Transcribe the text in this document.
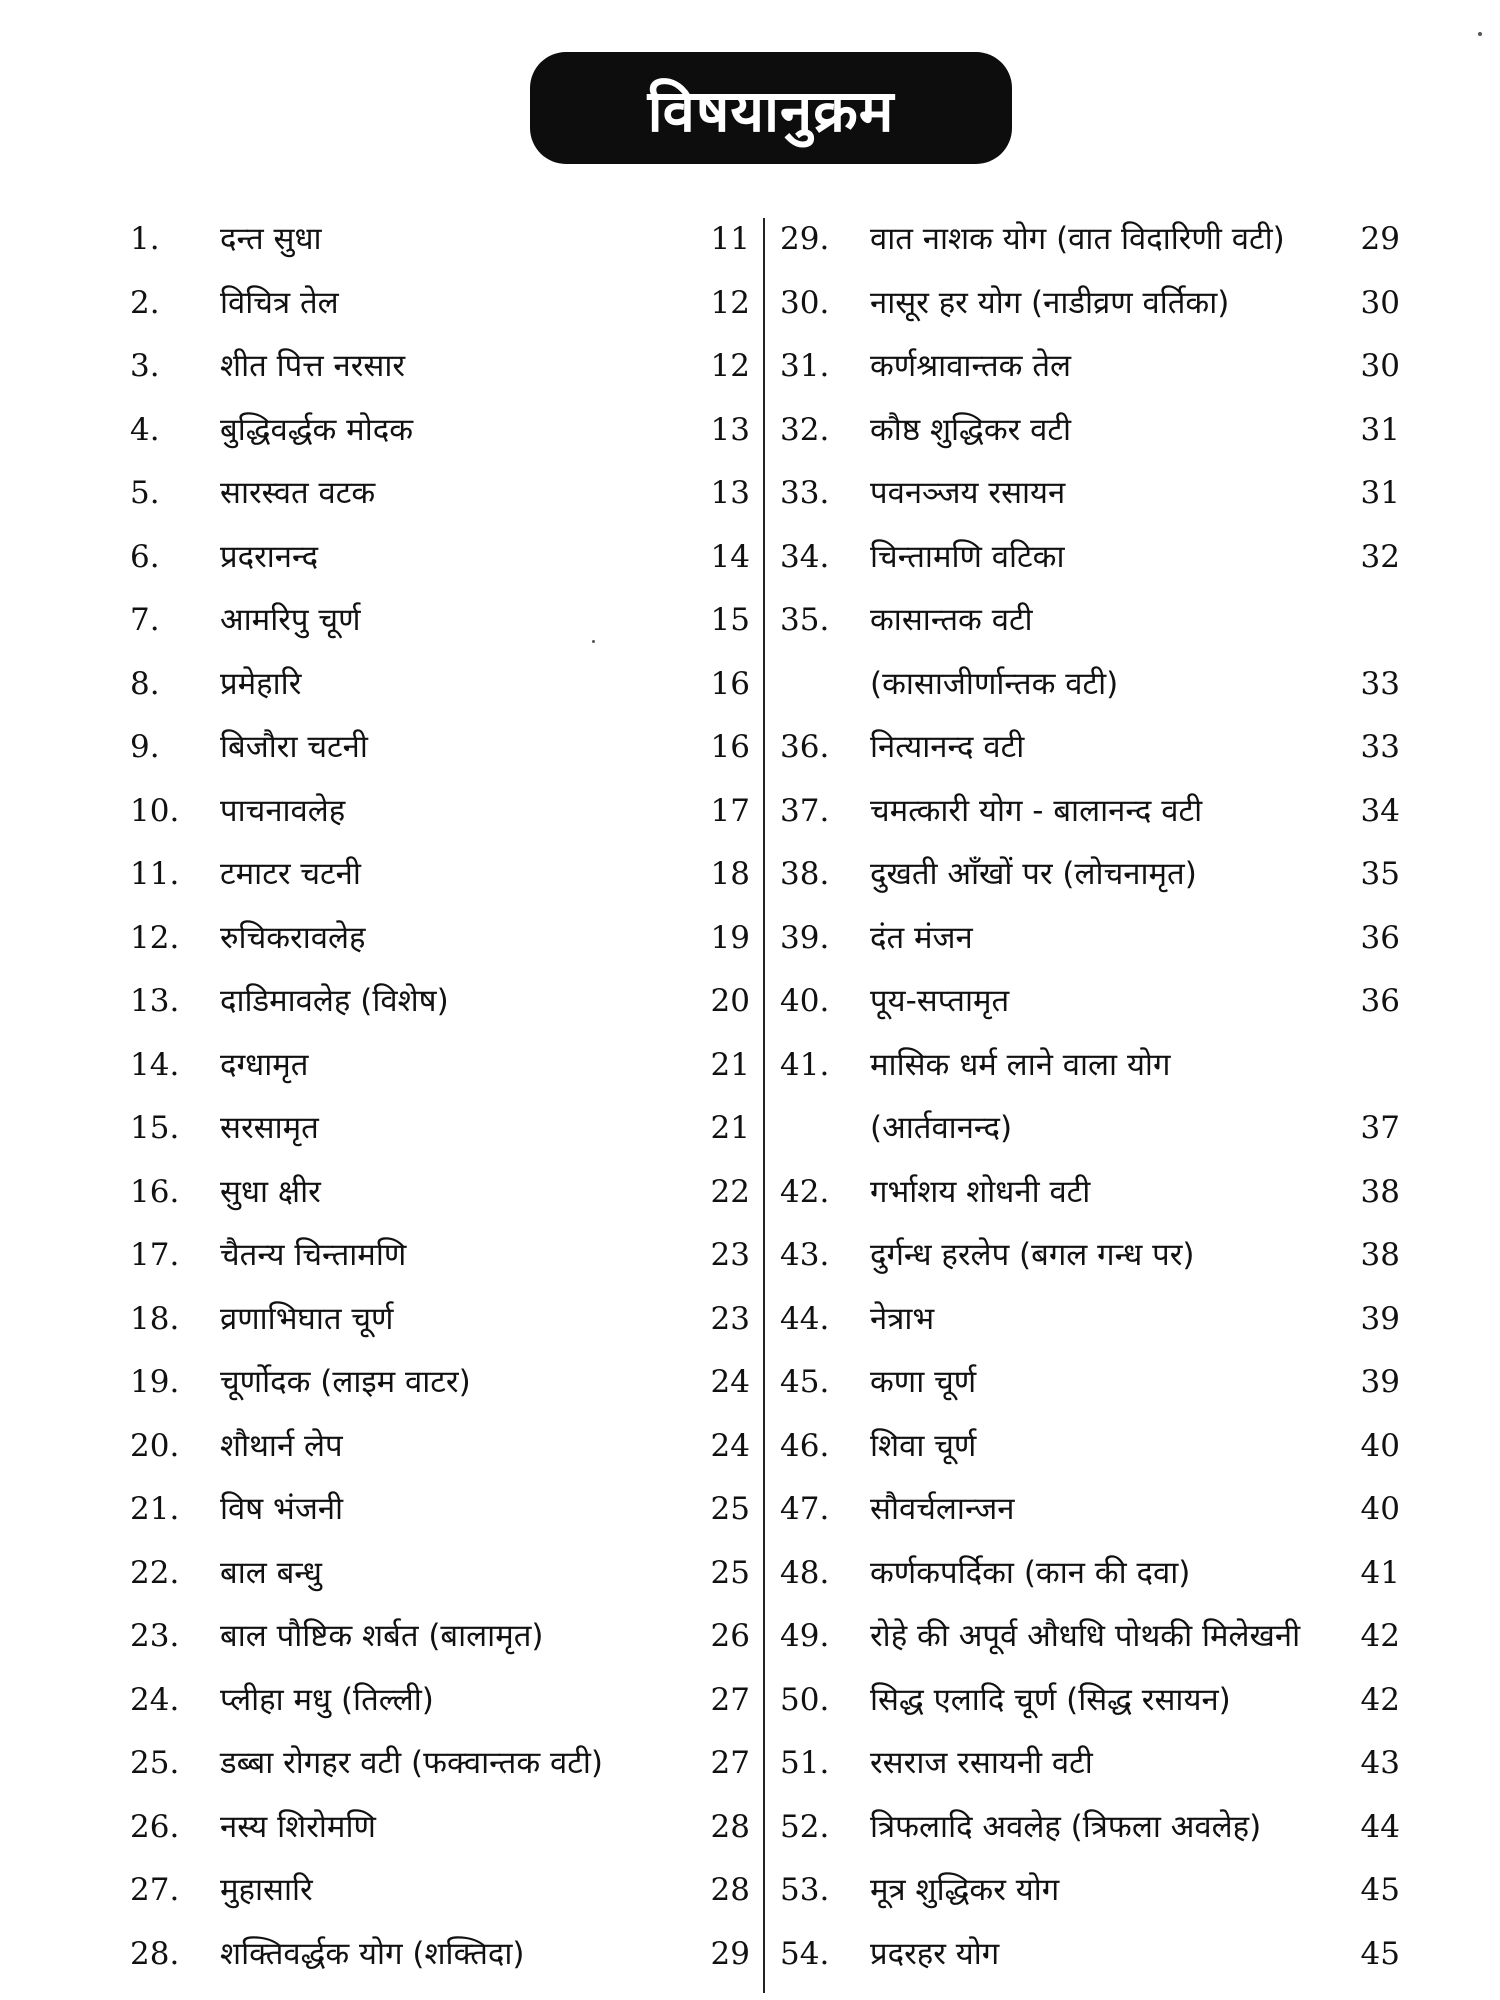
विषयानुक्रम
1.	दन्त सुधा	11
2.	विचित्र तेल	12
3.	शीत पित्त नरसार	12
4.	बुद्धिवर्द्धक मोदक	13
5.	सारस्वत वटक	13
6.	प्रदरानन्द	14
7.	आमरिपु चूर्ण	15
8.	प्रमेहारि	16
9.	बिजौरा चटनी	16
10.	पाचनावलेह	17
11.	टमाटर चटनी	18
12.	रुचिकरावलेह	19
13.	दाडिमावलेह (विशेष)	20
14.	दग्धामृत	21
15.	सरसामृत	21
16.	सुधा क्षीर	22
17.	चैतन्य चिन्तामणि	23
18.	व्रणाभिघात चूर्ण	23
19.	चूर्णोदक (लाइम वाटर)	24
20.	शौथार्न लेप	24
21.	विष भंजनी	25
22.	बाल बन्धु	25
23.	बाल पौष्टिक शर्बत (बालामृत)	26
24.	प्लीहा मधु (तिल्ली)	27
25.	डब्बा रोगहर वटी (फक्वान्तक वटी)	27
26.	नस्य शिरोमणि	28
27.	मुहासारि	28
28.	शक्तिवर्द्धक योग (शक्तिदा)	29
29.	वात नाशक योग (वात विदारिणी वटी)	29
30.	नासूर हर योग (नाडीव्रण वर्तिका)	30
31.	कर्णश्रावान्तक तेल	30
32.	कौष्ठ शुद्धिकर वटी	31
33.	पवनञ्जय रसायन	31
34.	चिन्तामणि वटिका	32
35.	कासान्तक वटी
(कासाजीर्णान्तक वटी)	33
36.	नित्यानन्द वटी	33
37.	चमत्कारी योग - बालानन्द वटी	34
38.	दुखती आँखों पर (लोचनामृत)	35
39.	दंत मंजन	36
40.	पूय-सप्तामृत	36
41.	मासिक धर्म लाने वाला योग
(आर्तवानन्द)	37
42.	गर्भाशय शोधनी वटी	38
43.	दुर्गन्ध हरलेप (बगल गन्ध पर)	38
44.	नेत्राभ	39
45.	कणा चूर्ण	39
46.	शिवा चूर्ण	40
47.	सौवर्चलान्जन	40
48.	कर्णकपर्दिका (कान की दवा)	41
49.	रोहे की अपूर्व औधधि पोथकी मिलेखनी	42
50.	सिद्ध एलादि चूर्ण (सिद्ध रसायन)	42
51.	रसराज रसायनी वटी	43
52.	त्रिफलादि अवलेह (त्रिफला अवलेह)	44
53.	मूत्र शुद्धिकर योग	45
54.	प्रदरहर योग	45
